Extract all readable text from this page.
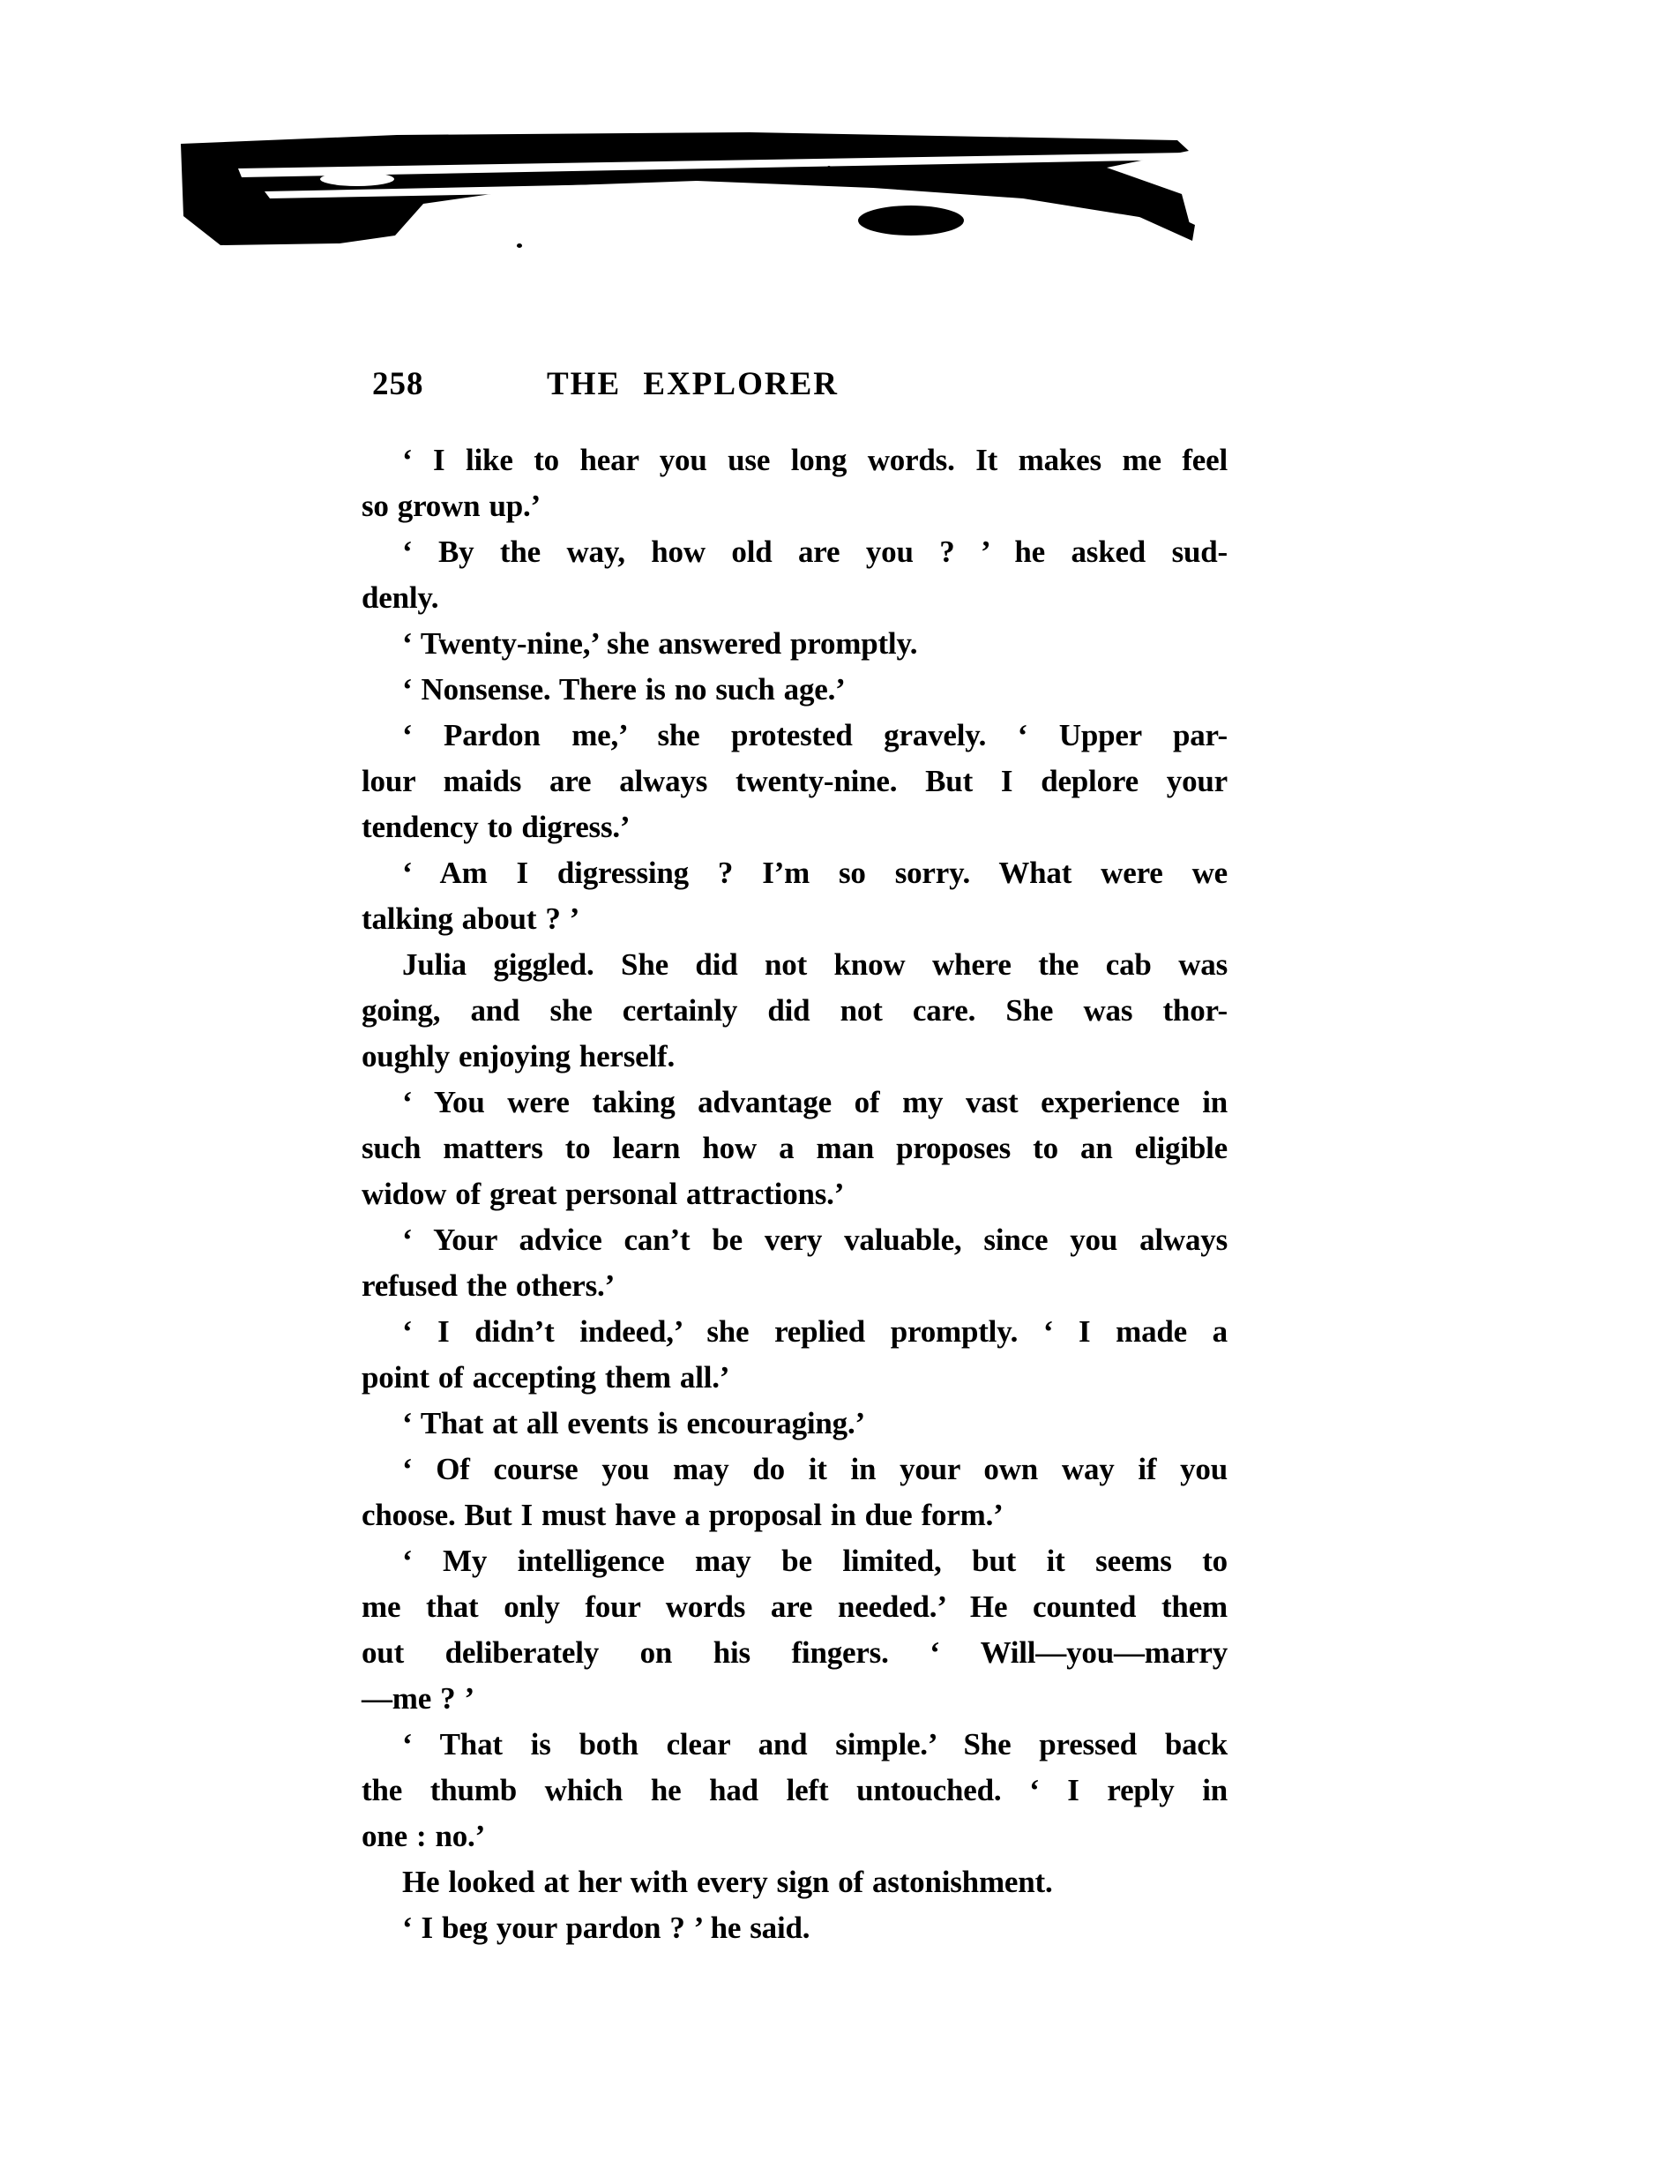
258	THE EXPLORER
‘ I like to hear you use long words. It makes me feel
so grown up.’
‘ By the way, how old are you ? ’ he asked sud-
denly.
‘ Twenty-nine,’ she answered promptly.
‘ Nonsense. There is no such age.’
‘ Pardon me,’ she protested gravely. ‘ Upper par-
lour maids are always twenty-nine. But I deplore your
tendency to digress.’
‘ Am I digressing ? I’m so sorry. What were we
talking about ? ’
Julia giggled. She did not know where the cab was
going, and she certainly did not care. She was thor-
oughly enjoying herself.
‘ You were taking advantage of my vast experience in
such matters to learn how a man proposes to an eligible
widow of great personal attractions.’
‘ Your advice can’t be very valuable, since you always
refused the others.’
‘ I didn’t indeed,’ she replied promptly. ‘ I made a
point of accepting them all.’
‘ That at all events is encouraging.’
‘ Of course you may do it in your own way if you
choose. But I must have a proposal in due form.’
‘ My intelligence may be limited, but it seems to
me that only four words are needed.’ He counted them
out deliberately on his fingers. ‘ Will—you—marry
—me ? ’
‘ That is both clear and simple.’ She pressed back
the thumb which he had left untouched. ‘ I reply in
one : no.’
He looked at her with every sign of astonishment.
‘ I beg your pardon ? ’ he said.
